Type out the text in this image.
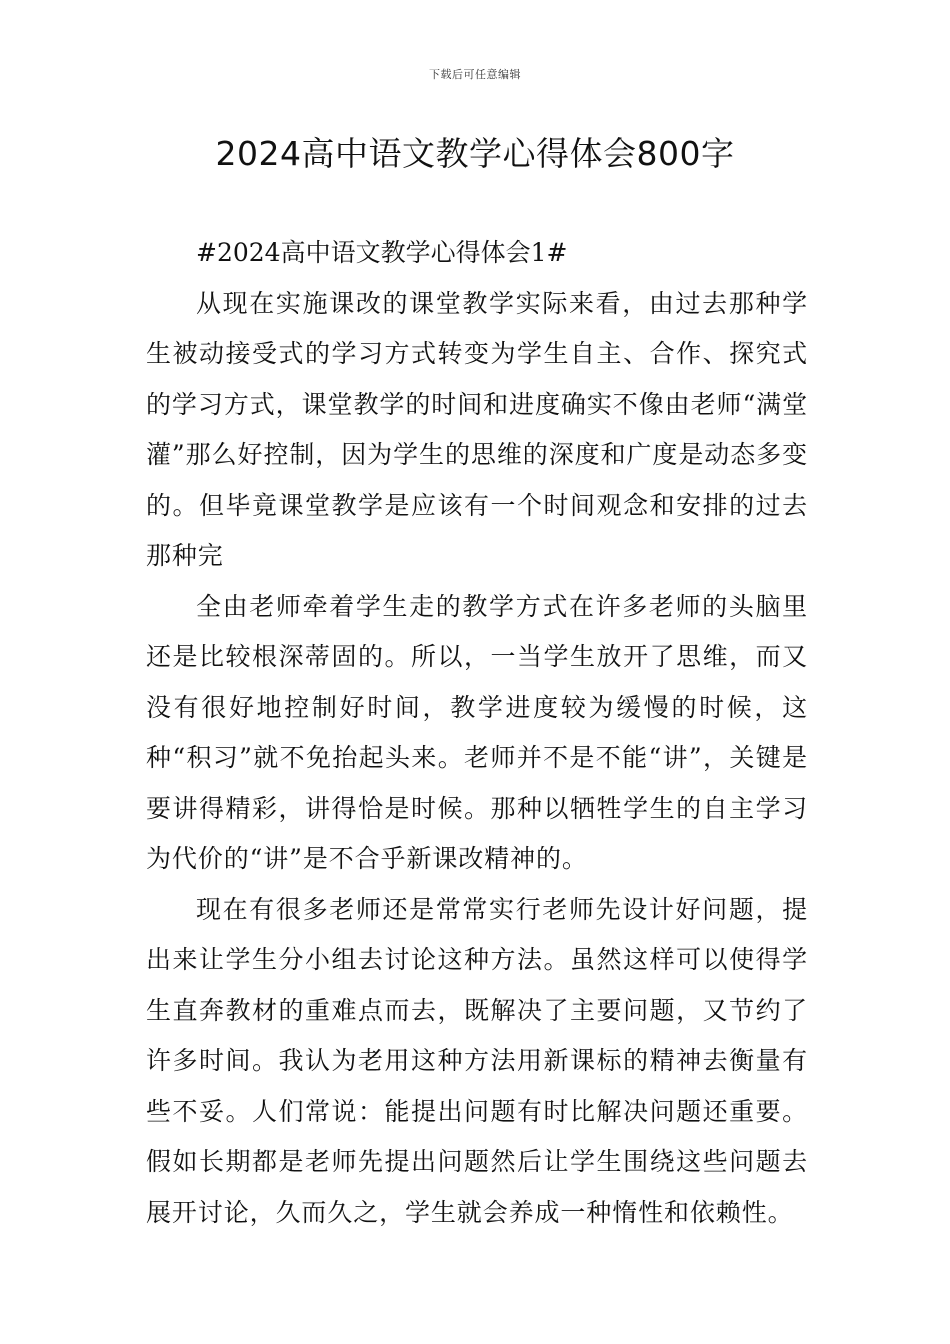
下载后可任意编辑
2024高中语文教学心得体会800字
#2024高中语文教学心得体会1#

从现在实施课改的课堂教学实际来看，由过去那种学生被动接受式的学习方式转变为学生自主、合作、探究式的学习方式，课堂教学的时间和进度确实不像由老师“满堂灌”那么好控制，因为学生的思维的深度和广度是动态多变的。但毕竟课堂教学是应该有一个时间观念和安排的过去那种完

全由老师牵着学生走的教学方式在许多老师的头脑里还是比较根深蒂固的。所以，一当学生放开了思维，而又没有很好地控制好时间，教学进度较为缓慢的时候，这种“积习”就不免抬起头来。老师并不是不能“讲”，关键是要讲得精彩，讲得恰是时候。那种以牺牲学生的自主学习为代价的“讲”是不合乎新课改精神的。

现在有很多老师还是常常实行老师先设计好问题，提出来让学生分小组去讨论这种方法。虽然这样可以使得学生直奔教材的重难点而去，既解决了主要问题，又节约了许多时间。我认为老用这种方法用新课标的精神去衡量有些不妥。人们常说：能提出问题有时比解决问题还重要。假如长期都是老师先提出问题然后让学生围绕这些问题去展开讨论，久而久之，学生就会养成一种惰性和依赖性。
